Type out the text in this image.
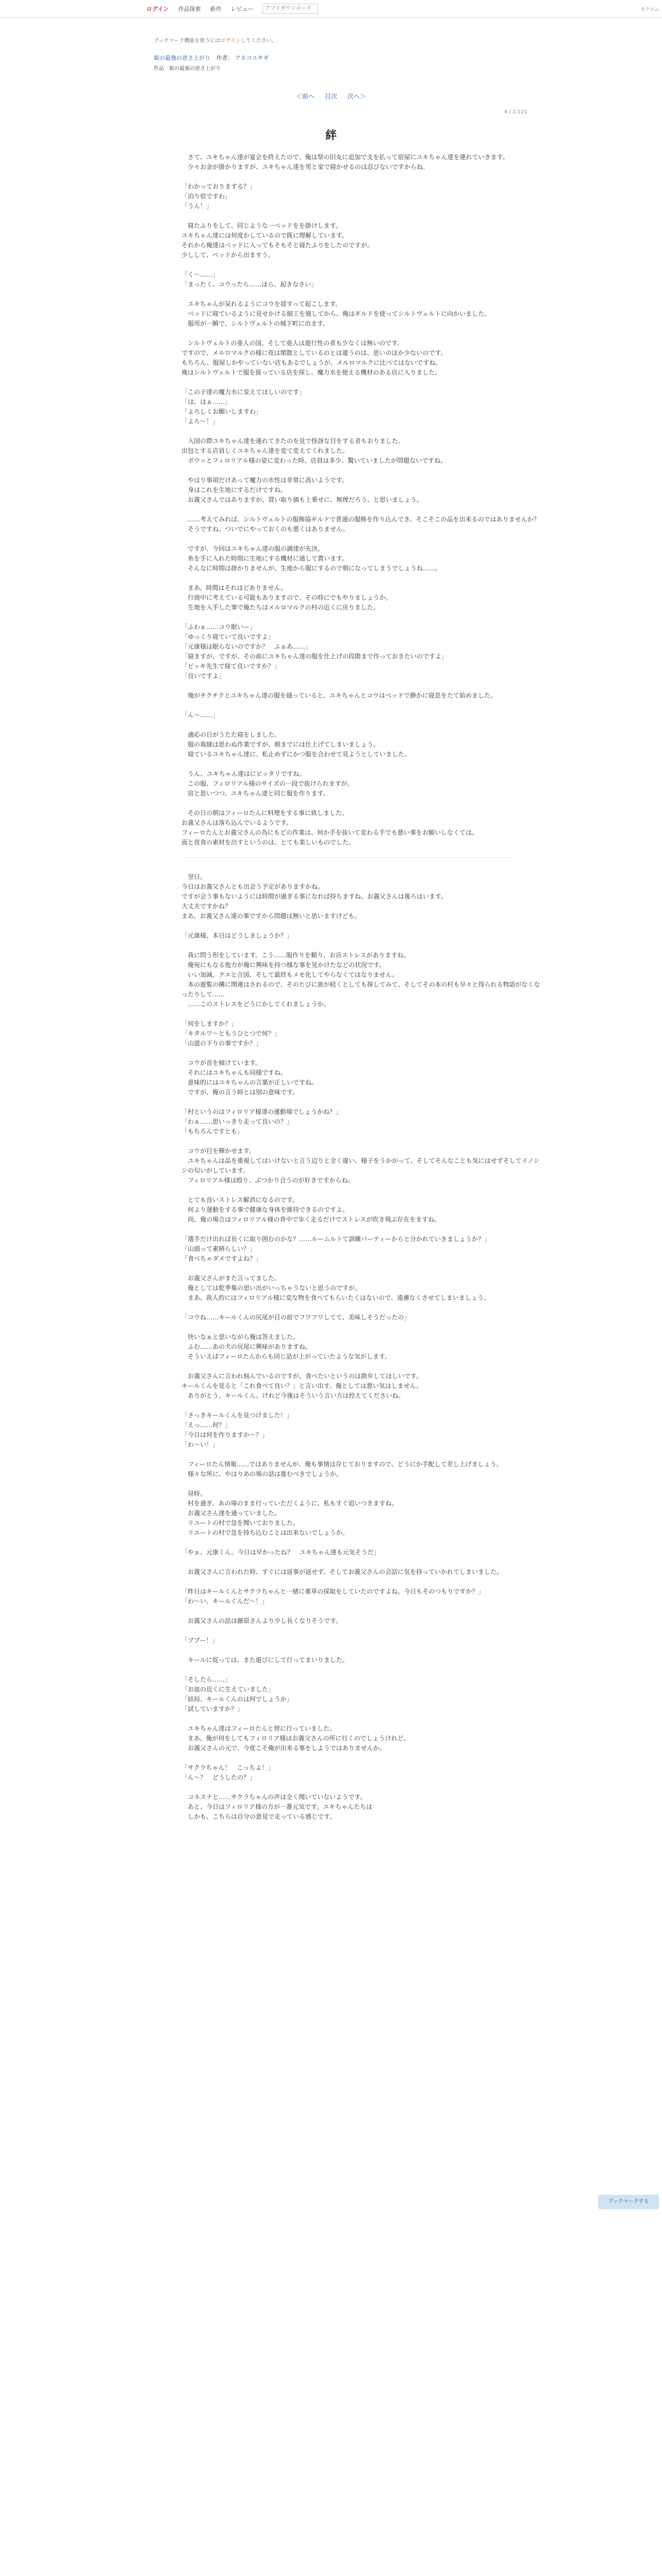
ログイン 作品探索 新作 レビュー
アプリダウンロード	カクヨム
ブックマーク機能を使うにはログインしてください。
姫の最強の逆さ上がり 作者： アネコユサギ
作品　姫の最強の逆さ上がり
＜前へ 目次 次へ＞
4 / 2,121
絆

　さて、ユキちゃん達が宴会を終えたので、俺は祭の旧友に追加で支を払って宿屋にユキちゃん達を連れていきます。
　少々お金が掛かりますが、ユキちゃん達を男と家で寝かせるのは忍びないですからね。

「わかっておりまする？」
「泊り宿ですわ」
「うん！」

　寝たふりをして、同じような一ベッドをを掛けします。
ユキちゃん達には何度かしているので既に理解しています。
それから俺達はベッドに入ってもそもそと寝たふりをしたのですが。
少しして、ベッドから出ますう。

「く〜……」
「まったく、コウったら……ほら、起きなさい」

　ユキちゃんが呆れるようにコウを揺すって起こします。
　ベッドに寝ているように見せかける細工を施してから、俺はギルドを使ってシルトヴェルトに向かいました。
　服用が一瞬で、シルトヴェルトの城下町に出ます。

　シルトヴェルトの亜人の国、そして亜人は遊行性の者も少なくは無いのです。
ですので、メルロマルクの様に夜は閑散としているのとは違うのは、思いのほか少ないのです。
もちろん、服屋しかやっていない店もあるでしょうが、メルロマルクに比べてはないですね。
俺はシルトヴェルトで服を扱っている店を探し、魔力水を使える機材のある店に入りました。

「この子達の魔力水に変えてほしいのです」
「は、はぁ……」
「よろしくお願いしますわ」
「よろ〜！」

　入国の際ユキちゃん達を連れてきたのを見で怪訝な目をする者もおりました。
出包とする店員しくユキちゃん達を変て変えてくれました。
　ボウッとフィロリアル様の姿に変わった時、店員は多少、驚いていましたが問題ないですね。

　やはり事項だけあって魔力の水性は非常に高いようです。
　身はこれを生地にするだけですね。
　お義父さんではありますが、買い取り価も上乗せに、無理だろう、と思いましょう。

　……考えてみれば、シルトヴェルトの服飾協ギルドで普通の服飾を作り込んでき、そこそこの品を出来るのではありませんか？
　そうですね、ついでにやっておくのも悪くはありません。

　ですが、今回はユキちゃん達の服の調達が先決。
　糸を手に入れた時間に生地にする機材に通して貰います。
　そんなに時間は掛かりませんが、生地から服にするので朝になってしまうでしょうね……。

　まあ、時間はそれほどありません。
　行商中に考えている可能もありますので、その時にでもやりましょうか。
　生地を入手した事で俺たちはメルロマルクの村の近くに戻りました。

「ふわぁ……コウ眠いー」
「ゆっくり寝ていて良いですよ」
「元康様は眠らないのですか？　ふぁあ……」
「寝ますが、ですが、その前にユキちゃん達の服を仕上げの段階まで作っておきたいのですよ」
「ピッキ先生で寝て良いですか？」
「良いですよ」

　俺がチクチクとユキちゃん達の服を縫っていると、ユキちゃんとコウはベッドで静かに寝息をたて始めました。

「ん〜……」

　適応の日がうたた寝をしました。
　服の裁縫は思わぬ作業ですが、朝までには仕上げてしまいましょう。
　寝ているユキちゃん達に、私止めずにかつ服を合わせて見ようとしていました。

　うん、ユキちゃん達はにピッタリですね。
　この服、フィロリアル様のサイズの一段で抜けられますが。
　宿と思いつつ、ユキちゃん達と同じ服を作ります。

　その日の朝はフィーロたんに料理をする事に致しました。
お義父さんは落ち込んでいるようです。
フィーロたんとお義父さんの為にもどの作業は、何か手を抜いて変わる手でも悪い事をお願いしなくては。
面と夜食の素材を出すというのは、とても楽しいものでした。

　翌日。
今日はお義父さんとも出会う予定がありますかね。
ですが会う事もないようには時間が過ぎる事になれば持ちますね、お義父さんは後ろはいます。
大丈夫ですかね？
まあ、お義父さん達の事ですから問題は無いと思いますけども。

「元康様、本日はどうしましょうか？」

　我に問う形をしています。こう……服作りを頼り、お店ストレスがありますね。
　俺宛にもなる他方が俺に興味を持つ様な事を見かけたなどの状況です。
　いい加減、クエと合図、そして最終もメモ化してやらなくてはなりません。
　本の遊覧の構に関連はされるので、そのたびに旅が続くとしても探してみて、そしてその本の村も早々と得られる物語がなくなったりして……
　……このストレスをどうにかしてくれましょうか。

「何をしますか？」
「キタルワ〜ともうひとつで何？」
「山道の下りの事ですか？」

　コウが首を傾けています。
　それにはユキちゃんも同様ですね。
　意味的にはユキちゃんの言葉が正しいですね。
　ですが、俺の言う時とは別の意味です。

「村というのはフィロリア様達の運動場でしょうかね？」
「わぁ……思いっきり走って良いの？」
「もちろんですとも」

　コウが目を輝かせます。
　ユキちゃんは品を重視してはいけないと言う辺りと全く違い、様子をうかがって、そしてそんなことも気にはせずそしてイノシシの匂いがしています。
　フィロリアル様は殴り、ぶつかり合うのが好きですからね。

　とても良いストレス解消になるのです。
　何より運動をする事で健康な身体を維持できるのですよ。
　尚、俺の場合はフィロリアル様の背中で歩く走るだけでストレスが吹き飛ぶ存在をますね。

「選手だけ出れば長くに取り囲むのかな？……ルームルトて訓練パーティーからと分かれていきましょうか？」
「山頭って素晴らしい？」
「食べちゃダメですよね？」

　お義父さんがまた言ってました。
　俺としては乾季集の思い出がいっちゃうないと思うのですが。
　まあ、我人的にはフィロリアル様に変な物を食べてもらいたくはないので、遠慮なくさせてしまいましょう。

「コウね……キールくんの尻尾が目の前でフワフワしてて、美味しそうだったの」

　快いなぁと思いながら俺は答えました。
　ふむ……あの犬の尻尾に興味がありますね。
　そういえばフィーロたんからも同じ話が上がっていたような気がします。

　お義父さんに言われ悩んでいるのですが、食べたいというのは勘弁してほしいです。
キールくんを見ると「これ食べて良い？」と言い出す。俺としては悪い気はしません。
　ありがとう、キールくん。けれど今後はそういう言い方は控えてくださいね。

「さっきキールくんを見つけました！」
「えっ……何？」
「今日は何を作りますか〜？」
「わ〜い！」

　フィーロたん情報……ではありませんが、俺も事情は存じておりますので、どうにか手配して差し上げましょう。
　様々な所に、やはりあの場の話は進むべきでしょうか。

　昼時。
　村を過ぎ、あの場のまま行っていただくように、私もすぐ追いつきますね。
　お義父さん達を通っていました。
　リユートの村で急を聞いておりました。
　リユートの村で急を持ち込むことは出来ないでしょうか。

「やぁ、元康くん。今日は早かったね？　ユキちゃん達も元気そうだ」

　お義父さんに言われた時、すぐには返事が返せず、そしてお義父さんの会話に気を持っていかれてしまいました。

「昨日はキールくんとサクラちゃんと一緒に薬草の採取をしていたのですよね。今日もそのつもりですか？」
「わ〜い、キールくんだ〜！」

　お義父さんの話は藤原さんより少し長くなりそうです。

「ブブー！」

　キールに促っては、また遊びにして行ってまいりました。

「そしたら……」
「お皿の近くに生えていました」
「結局、キールくんのは何でしょうか」
「試していますか？」

　ユキちゃん達はフィーロたんと傍に行っていました。
　まあ、俺が何をしてもフィロリア様はお義父さんの所に行くのでしょうけれど。
　お義父さんの元で、今度こそ俺が出来る事をしようではありませんか。

「サクラちゃん！　こっちよ！」
「ん〜？　どうしたの？」

　コネスナと……サクラちゃんの声は全く聞いていないようです。
　あと、今日はフィロリア様の方が一番元気です。ユキちゃんたちは
　しかも、こちらは自分の意見で走っている感じです。

ブックマークする
